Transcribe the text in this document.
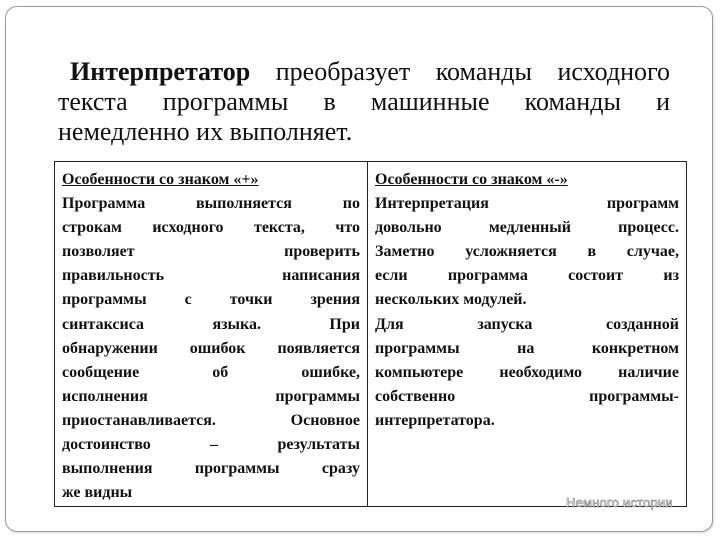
Интерпретатор преобразует команды исходного
текста программы в машинные команды и
немедленно их выполняет.
Особенности со знаком «+»
Программа выполняется по
строкам исходного текста, что
позволяет проверить
правильность написания
программы с точки зрения
синтаксиса языка. При
обнаружении ошибок появляется
сообщение об ошибке,
исполнения программы
приостанавливается. Основное
достоинство – результаты
выполнения программы сразу
же видны
Особенности со знаком «-»
Интерпретация программ
довольно медленный процесс.
Заметно усложняется в случае,
если программа состоит из
нескольких модулей.
Для запуска созданной
программы на конкретном
компьютере необходимо наличие
собственно программы-
интерпретатора.
Немного истории
